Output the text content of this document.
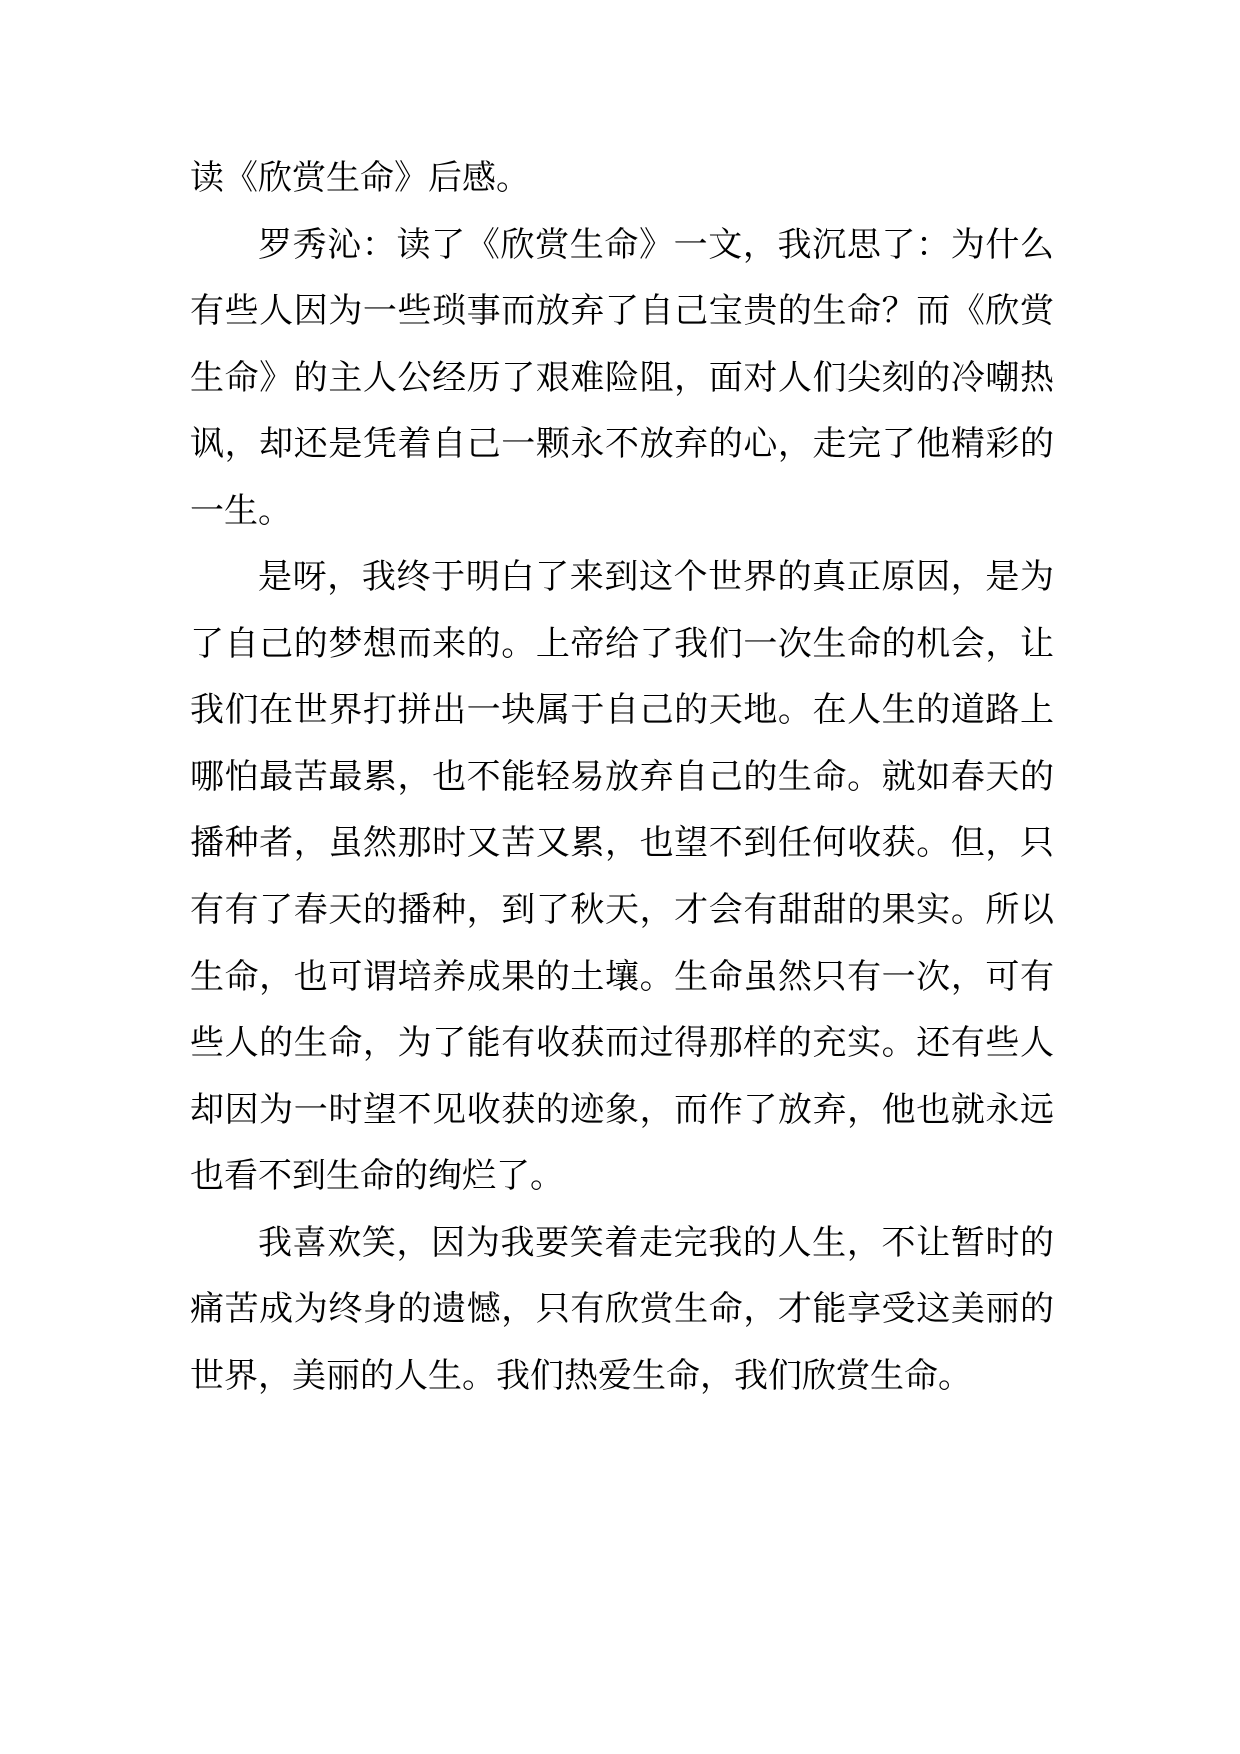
读《欣赏生命》后感。
罗秀沁：读了《欣赏生命》一文，我沉思了：为什么
有些人因为一些琐事而放弃了自己宝贵的生命？而《欣赏
生命》的主人公经历了艰难险阻，面对人们尖刻的冷嘲热
讽，却还是凭着自己一颗永不放弃的心，走完了他精彩的
一生。
是呀，我终于明白了来到这个世界的真正原因，是为
了自己的梦想而来的。上帝给了我们一次生命的机会，让
我们在世界打拼出一块属于自己的天地。在人生的道路上
哪怕最苦最累，也不能轻易放弃自己的生命。就如春天的
播种者，虽然那时又苦又累，也望不到任何收获。但，只
有有了春天的播种，到了秋天，才会有甜甜的果实。所以
生命，也可谓培养成果的土壤。生命虽然只有一次，可有
些人的生命，为了能有收获而过得那样的充实。还有些人
却因为一时望不见收获的迹象，而作了放弃，他也就永远
也看不到生命的绚烂了。
我喜欢笑，因为我要笑着走完我的人生，不让暂时的
痛苦成为终身的遗憾，只有欣赏生命，才能享受这美丽的
世界，美丽的人生。我们热爱生命，我们欣赏生命。
